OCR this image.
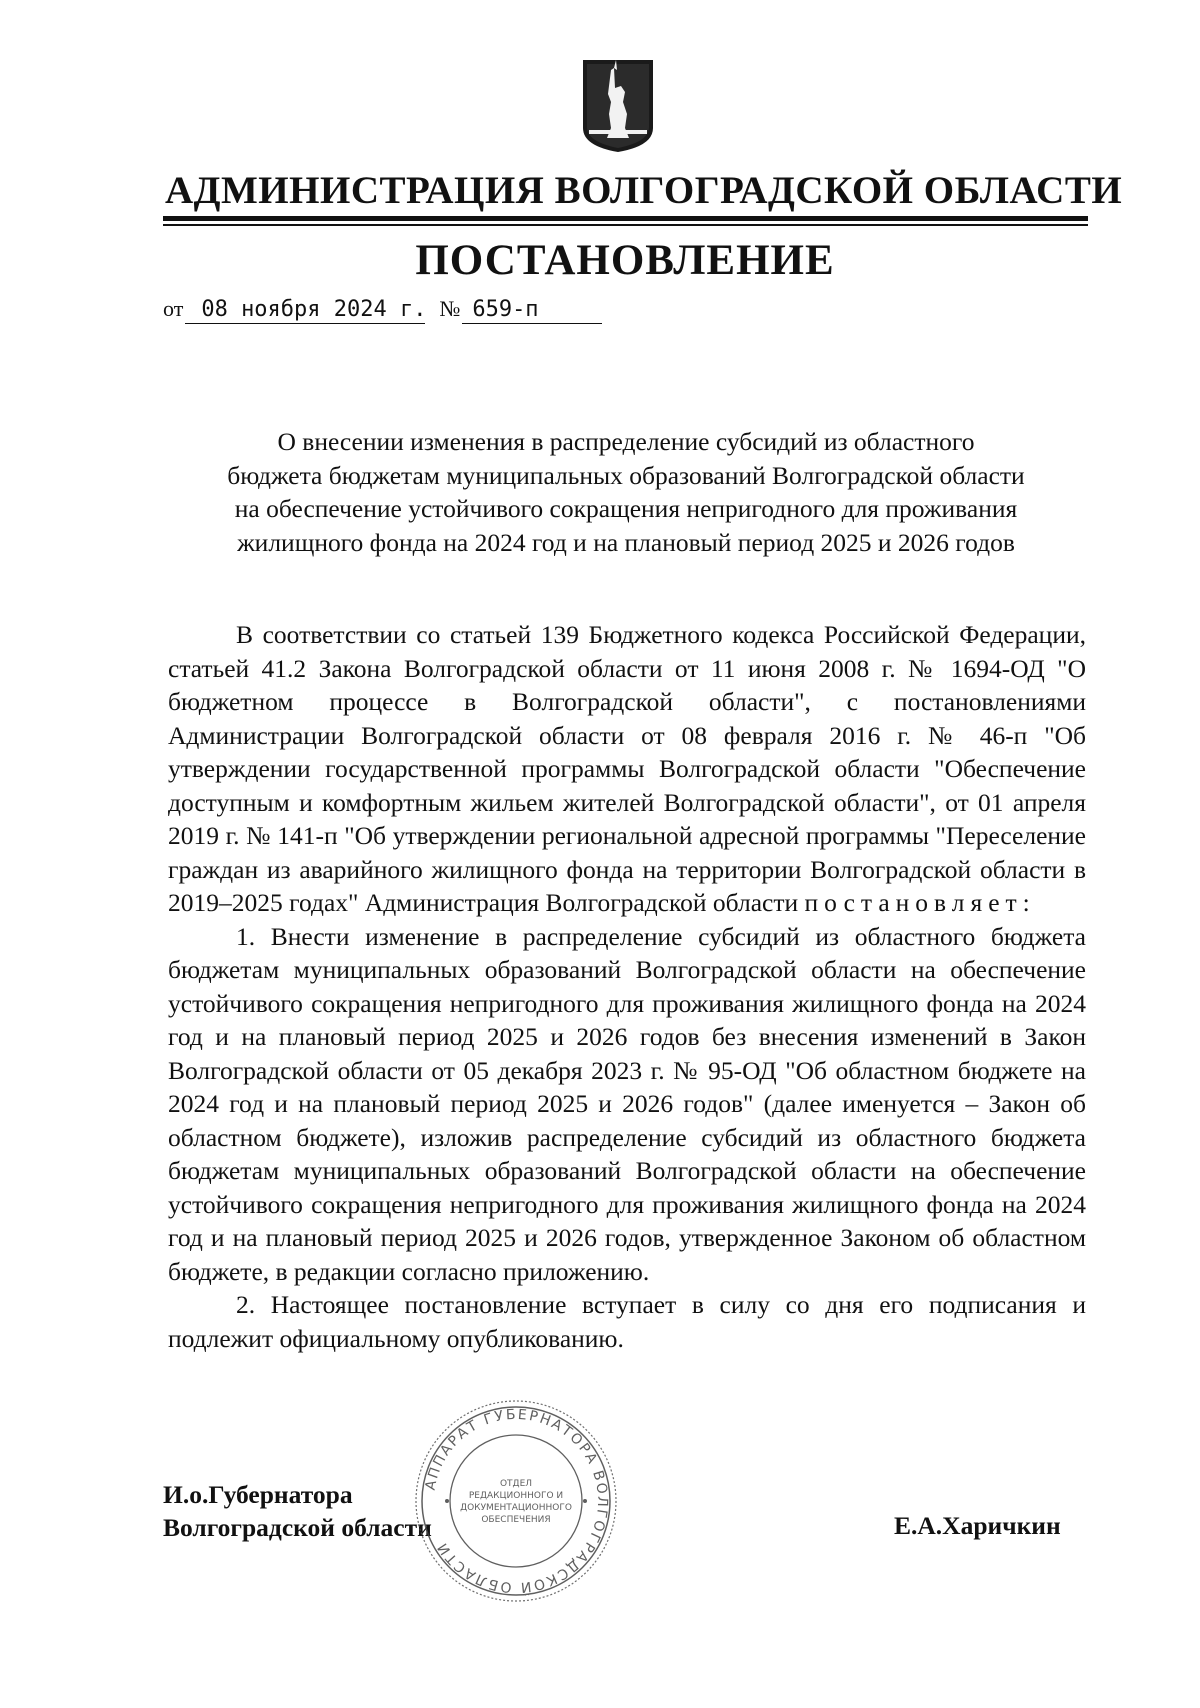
АДМИНИСТРАЦИЯ ВОЛГОГРАДСКОЙ ОБЛАСТИ
ПОСТАНОВЛЕНИЕ
от 08 ноября 2024 г. № 659-п

О внесении изменения в распределение субсидий из областного

бюджета бюджетам муниципальных образований Волгоградской области

на обеспечение устойчивого сокращения непригодного для проживания

жилищного фонда на 2024 год и на плановый период 2025 и 2026 годов

В соответствии со статьей 139 Бюджетного кодекса Российской Федерации, статьей 41.2 Закона Волгоградской области от 11 июня 2008 г. № 1694-ОД "О бюджетном процессе в Волгоградской области", с постановлениями Администрации Волгоградской области от 08 февраля 2016 г. № 46-п "Об утверждении государственной программы Волгоградской области "Обеспечение доступным и комфортным жильем жителей Волгоградской области", от 01 апреля 2019 г. № 141-п "Об утверждении региональной адресной программы "Переселение граждан из аварийного жилищного фонда на территории Волгоградской области в 2019–2025 годах" Администрация Волгоградской области постановляет:

1. Внести изменение в распределение субсидий из областного бюджета бюджетам муниципальных образований Волгоградской области на обеспечение устойчивого сокращения непригодного для проживания жилищного фонда на 2024 год и на плановый период 2025 и 2026 годов без внесения изменений в Закон Волгоградской области от 05 декабря 2023 г. № 95-ОД "Об областном бюджете на 2024 год и на плановый период 2025 и 2026 годов" (далее именуется – Закон об областном бюджете), изложив распределение субсидий из областного бюджета бюджетам муниципальных образований Волгоградской области на обеспечение устойчивого сокращения непригодного для проживания жилищного фонда на 2024 год и на плановый период 2025 и 2026 годов, утвержденное Законом об областном бюджете, в редакции согласно приложению.

2. Настоящее постановление вступает в силу со дня его подписания и подлежит официальному опубликованию.

И.о.Губернатора
Волгоградской области	Е.А.Харичкин
АППАРАТ ГУБЕРНАТОРА ВОЛГОГРАДСКОЙ ОБЛАСТИ
ОТДЕЛ
РЕДАКЦИОННОГО И
ДОКУМЕНТАЦИОННОГО
ОБЕСПЕЧЕНИЯ
